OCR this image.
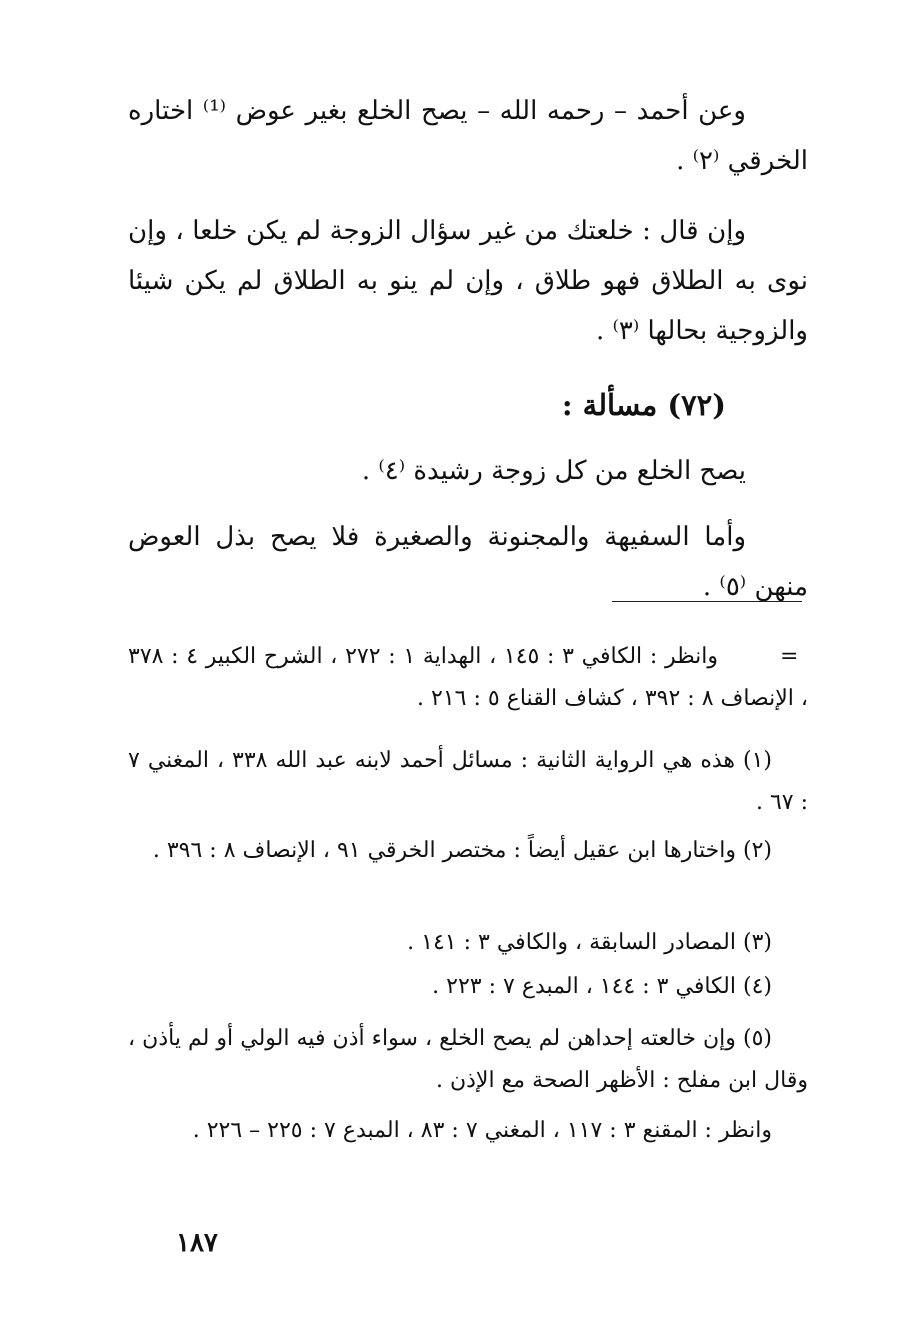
وعن أحمد – رحمه الله – يصح الخلع بغير عوض ⁽¹⁾ اختاره الخرقي ⁽٢⁾ .

وإن قال : خلعتك من غير سؤال الزوجة لم يكن خلعا ، وإن نوى به الطلاق فهو طلاق ، وإن لم ينو به الطلاق لم يكن شيئا والزوجية بحالها ⁽٣⁾ .

(٧٢) مسألة :

يصح الخلع من كل زوجة رشيدة ⁽٤⁾ .

وأما السفيهة والمجنونة والصغيرة فلا يصح بذل العوض منهن ⁽٥⁾ .

=

وانظر : الكافي ٣ : ١٤٥ ، الهداية ١ : ٢٧٢ ، الشرح الكبير ٤ : ٣٧٨ ، الإنصاف ٨ : ٣٩٢ ، كشاف القناع ٥ : ٢١٦ .

(١) هذه هي الرواية الثانية : مسائل أحمد لابنه عبد الله ٣٣٨ ، المغني ٧ : ٦٧ .

(٢) واختارها ابن عقيل أيضاً : مختصر الخرقي ٩١ ، الإنصاف ٨ : ٣٩٦ .

(٣) المصادر السابقة ، والكافي ٣ : ١٤١ .

(٤) الكافي ٣ : ١٤٤ ، المبدع ٧ : ٢٢٣ .

(٥) وإن خالعته إحداهن لم يصح الخلع ، سواء أذن فيه الولي أو لم يأذن ، وقال ابن مفلح : الأظهر الصحة مع الإذن .

وانظر : المقنع ٣ : ١١٧ ، المغني ٧ : ٨٣ ، المبدع ٧ : ٢٢٥ – ٢٢٦ .

١٨٧
